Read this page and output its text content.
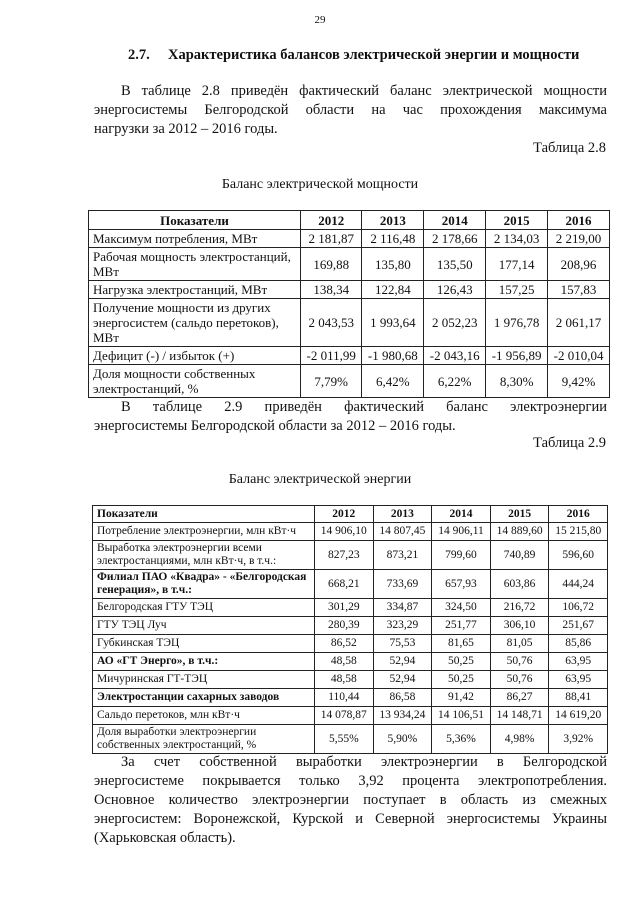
29
2.7. Характеристика балансов электрической энергии и мощности
В таблице 2.8 приведён фактический баланс электрической мощности
энергосистемы Белгородской области на час прохождения максимума
нагрузки за 2012 – 2016 годы.
Таблица 2.8
Баланс электрической мощности
Показатели	2012	2013	2014	2015	2016
Максимум потребления, МВт	2 181,87	2 116,48	2 178,66	2 134,03	2 219,00
Рабочая мощность электростанций, МВт	169,88	135,80	135,50	177,14	208,96
Нагрузка электростанций, МВт	138,34	122,84	126,43	157,25	157,83
Получение мощности из других энергосистем (сальдо перетоков), МВт	2 043,53	1 993,64	2 052,23	1 976,78	2 061,17
Дефицит (-) / избыток (+)	-2 011,99	-1 980,68	-2 043,16	-1 956,89	-2 010,04
Доля мощности собственных электростанций, %	7,79%	6,42%	6,22%	8,30%	9,42%
В таблице 2.9 приведён фактический баланс электроэнергии
энергосистемы Белгородской области за 2012 – 2016 годы.
Таблица 2.9
Баланс электрической энергии
Показатели	2012	2013	2014	2015	2016
Потребление электроэнергии, млн кВт·ч	14 906,10	14 807,45	14 906,11	14 889,60	15 215,80
Выработка электроэнергии всеми электростанциями, млн кВт·ч, в т.ч.:	827,23	873,21	799,60	740,89	596,60
Филиал ПАО «Квадра» - «Белгородская генерация», в т.ч.:	668,21	733,69	657,93	603,86	444,24
Белгородская ГТУ ТЭЦ	301,29	334,87	324,50	216,72	106,72
ГТУ ТЭЦ Луч	280,39	323,29	251,77	306,10	251,67
Губкинская ТЭЦ	86,52	75,53	81,65	81,05	85,86
АО «ГТ Энерго», в т.ч.:	48,58	52,94	50,25	50,76	63,95
Мичуринская ГТ-ТЭЦ	48,58	52,94	50,25	50,76	63,95
Электростанции сахарных заводов	110,44	86,58	91,42	86,27	88,41
Сальдо перетоков, млн кВт·ч	14 078,87	13 934,24	14 106,51	14 148,71	14 619,20
Доля выработки электроэнергии собственных электростанций, %	5,55%	5,90%	5,36%	4,98%	3,92%
За счет собственной выработки электроэнергии в Белгородской
энергосистеме покрывается только 3,92 процента электропотребления.
Основное количество электроэнергии поступает в область из смежных
энергосистем: Воронежской, Курской и Северной энергосистемы Украины
(Харьковская область).
